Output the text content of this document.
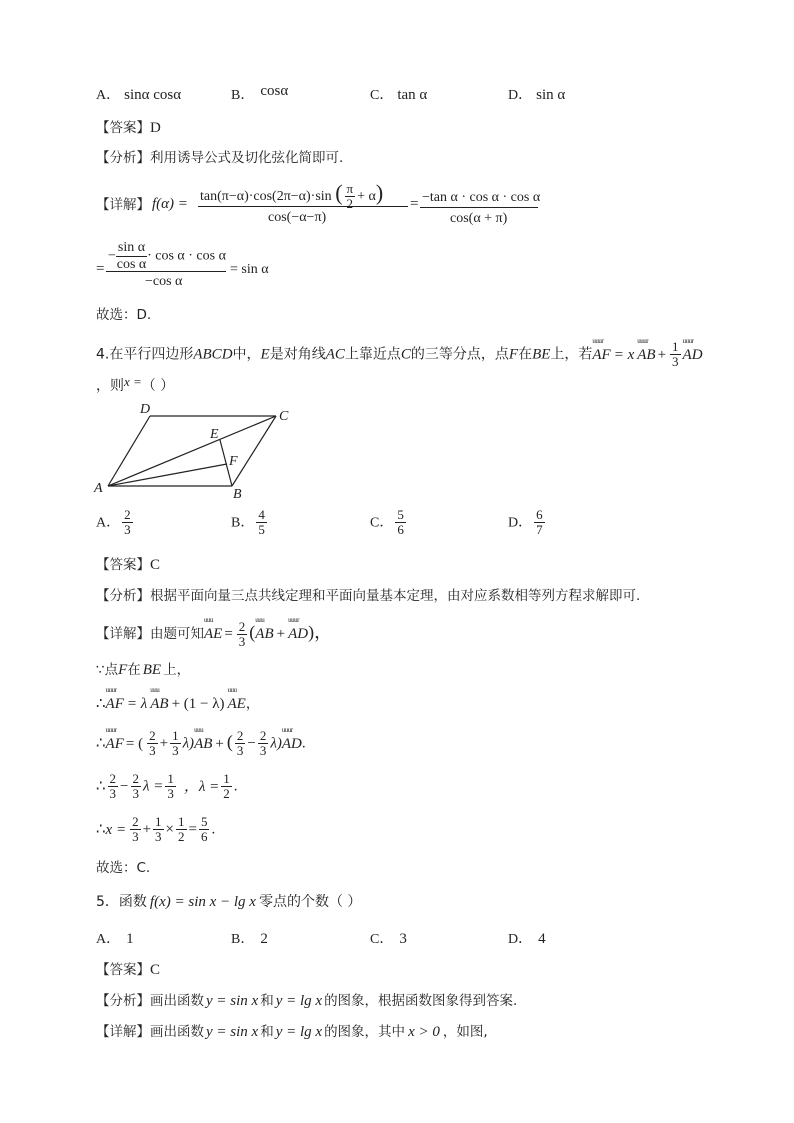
A． sinα cosα	B． cosα	C． tan α	D． sin α
【答案】D
【分析】利用诱导公式及切化弦化简即可.
【详解】 f(α) = tan(π−α)·cos(2π−α)·sin ( $\frac{\pi}{2} + \alpha$)
cos(−α−π)
= −tan α · cos α · cos α
cos(α + π)
=
− $\frac{\text{sin α}}{\text{cos α}} \cdot \cos \alpha \cdot \cos \alpha$
−cos α
= sin α
故选：D.
4.在平行四边形ABCD中，E是对角线AC上靠近点C的三等分点，点F在BE上，若uuur AF = x uuur AB + $\frac{1}{3}$ uuur AD
，则x =（ ）
A	B
C
D
E
F
A． $\frac{2}{3}$	B． $\frac{4}{5}$	C． $\frac{5}{6}$	D． $\frac{6}{7}$
【答案】C
【分析】根据平面向量三点共线定理和平面向量基本定理，由对应系数相等列方程求解即可.
【详解】由题可知uuu AE = $\frac{2}{3} (uuu$ AB + uuur AD)，
∵点F在 BE 上，
∴uuur AF = λ uuu AB + (1 − λ) uuu AE，
∴uuur AF = ( $\frac{2}{3} + \frac{1}{3} \lambda)uuu$ AB + ( $\frac{2}{3} - \frac{2}{3}$ λ)uuur AD.
∴ $\frac{2}{3} - \frac{2}{3}$ $\lambda = \frac{1}{3}$ ，$\lambda = \frac{1}{2}$ .
∴x = $\frac{2}{3} + \frac{1}{3} \times \frac{1}{2} = \frac{5}{6}$ .
故选：C.
5．函数 f(x) = sin x − lg x 零点的个数（ ）
A． 1	B． 2	C． 3	D． 4
【答案】C
【分析】画出函数 y = sin x 和 y = lg x 的图象，根据函数图象得到答案.
【详解】画出函数 y = sin x 和 y = lg x 的图象，其中 x > 0 ，如图,
